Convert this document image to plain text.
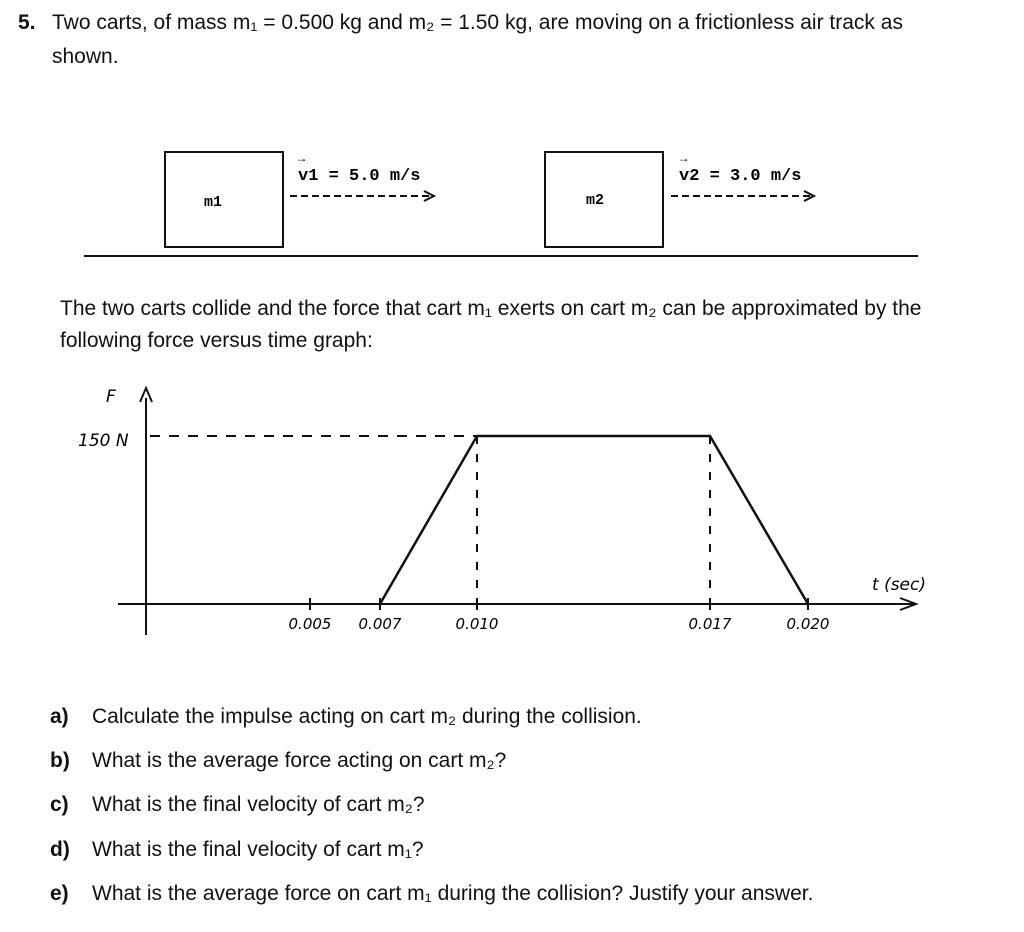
5. Two carts, of mass m₁ = 0.500 kg and m₂ = 1.50 kg, are moving on a frictionless air track as
shown.
m1
v1 = 5.0 m/s
→
m2
v2 = 3.0 m/s
→
The two carts collide and the force that cart m₁ exerts on cart m₂ can be approximated by the
following force versus time graph:
F
150 N
t (sec)
0.005 0.007	0.010	0.017	0.020
a) Calculate the impulse acting on cart m₂ during the collision.
b) What is the average force acting on cart m₂?
c) What is the final velocity of cart m₂?
d) What is the final velocity of cart m₁?
e) What is the average force on cart m₁ during the collision? Justify your answer.
